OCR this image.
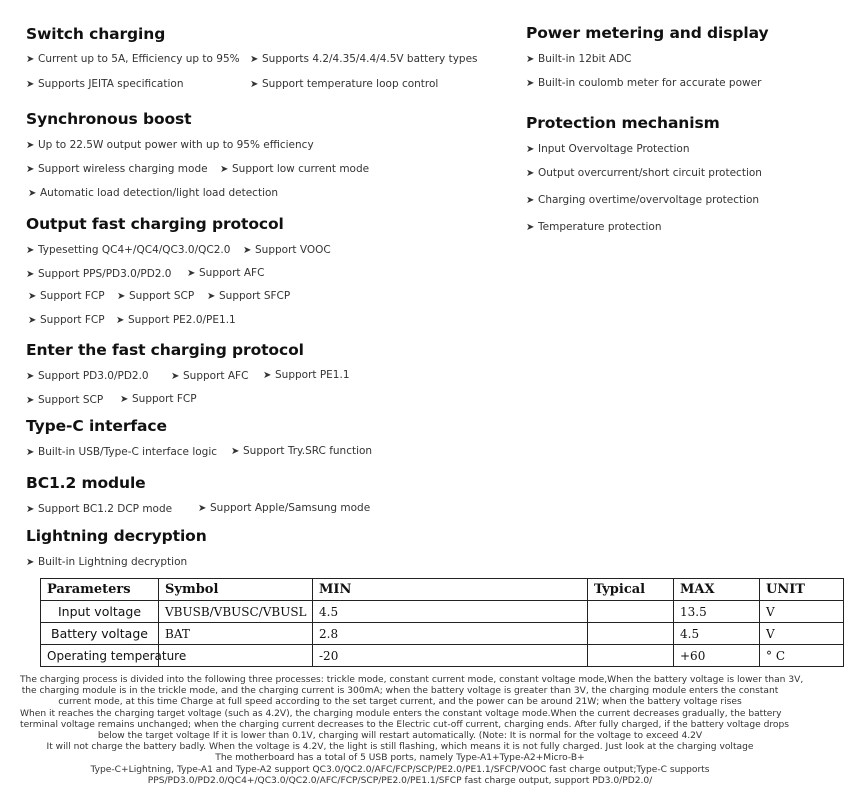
Switch charging
➤ Current up to 5A, Efficiency up to 95% ➤ Supports 4.2/4.35/4.4/4.5V battery types
➤ Supports JEITA specification	➤ Support temperature loop control
Synchronous boost
➤ Up to 22.5W output power with up to 95% efficiency
➤ Support wireless charging mode ➤ Support low current mode
➤ Automatic load detection/light load detection
Output fast charging protocol
➤ Typesetting QC4+/QC4/QC3.0/QC2.0 ➤ Support VOOC
➤ Support PPS/PD3.0/PD2.0 ➤ Support AFC
➤ Support FCP ➤ Support SCP ➤ Support SFCP
➤ Support FCP ➤ Support PE2.0/PE1.1
Enter the fast charging protocol
➤ Support PD3.0/PD2.0 ➤ Support AFC ➤ Support PE1.1
➤ Support SCP ➤ Support FCP
Type-C interface
➤ Built-in USB/Type-C interface logic ➤ Support Try.SRC function
BC1.2 module
➤ Support BC1.2 DCP mode	➤ Support Apple/Samsung mode
Lightning decryption
➤ Built-in Lightning decryption
Power metering and display
➤ Built-in 12bit ADC
➤ Built-in coulomb meter for accurate power
Protection mechanism
➤ Input Overvoltage Protection
➤ Output overcurrent/short circuit protection
➤ Charging overtime/overvoltage protection
➤ Temperature protection
Parameters	Symbol	MIN	Typical	MAX	UNIT
Input voltage	VBUSB/VBUSC/VBUSL	4.5		13.5	V
Battery voltage	BAT	2.8		4.5	V
Operating temperature		-20		+60	° C
The charging process is divided into the following three processes: trickle mode, constant current mode, constant voltage mode,When the battery voltage is lower than 3V,
the charging module is in the trickle mode, and the charging current is 300mA; when the battery voltage is greater than 3V, the charging module enters the constant
current mode, at this time Charge at full speed according to the set target current, and the power can be around 21W; when the battery voltage rises
When it reaches the charging target voltage (such as 4.2V), the charging module enters the constant voltage mode.When the current decreases gradually, the battery
terminal voltage remains unchanged; when the charging current decreases to the Electric cut-off current, charging ends. After fully charged, if the battery voltage drops
below the target voltage If it is lower than 0.1V, charging will restart automatically. (Note: It is normal for the voltage to exceed 4.2V
It will not charge the battery badly. When the voltage is 4.2V, the light is still flashing, which means it is not fully charged. Just look at the charging voltage
The motherboard has a total of 5 USB ports, namely Type-A1+Type-A2+Micro-B+
Type-C+Lightning, Type-A1 and Type-A2 support QC3.0/QC2.0/AFC/FCP/SCP/PE2.0/PE1.1/SFCP/VOOC fast charge output;Type-C supports
PPS/PD3.0/PD2.0/QC4+/QC3.0/QC2.0/AFC/FCP/SCP/PE2.0/PE1.1/SFCP fast charge output, support PD3.0/PD2.0/
